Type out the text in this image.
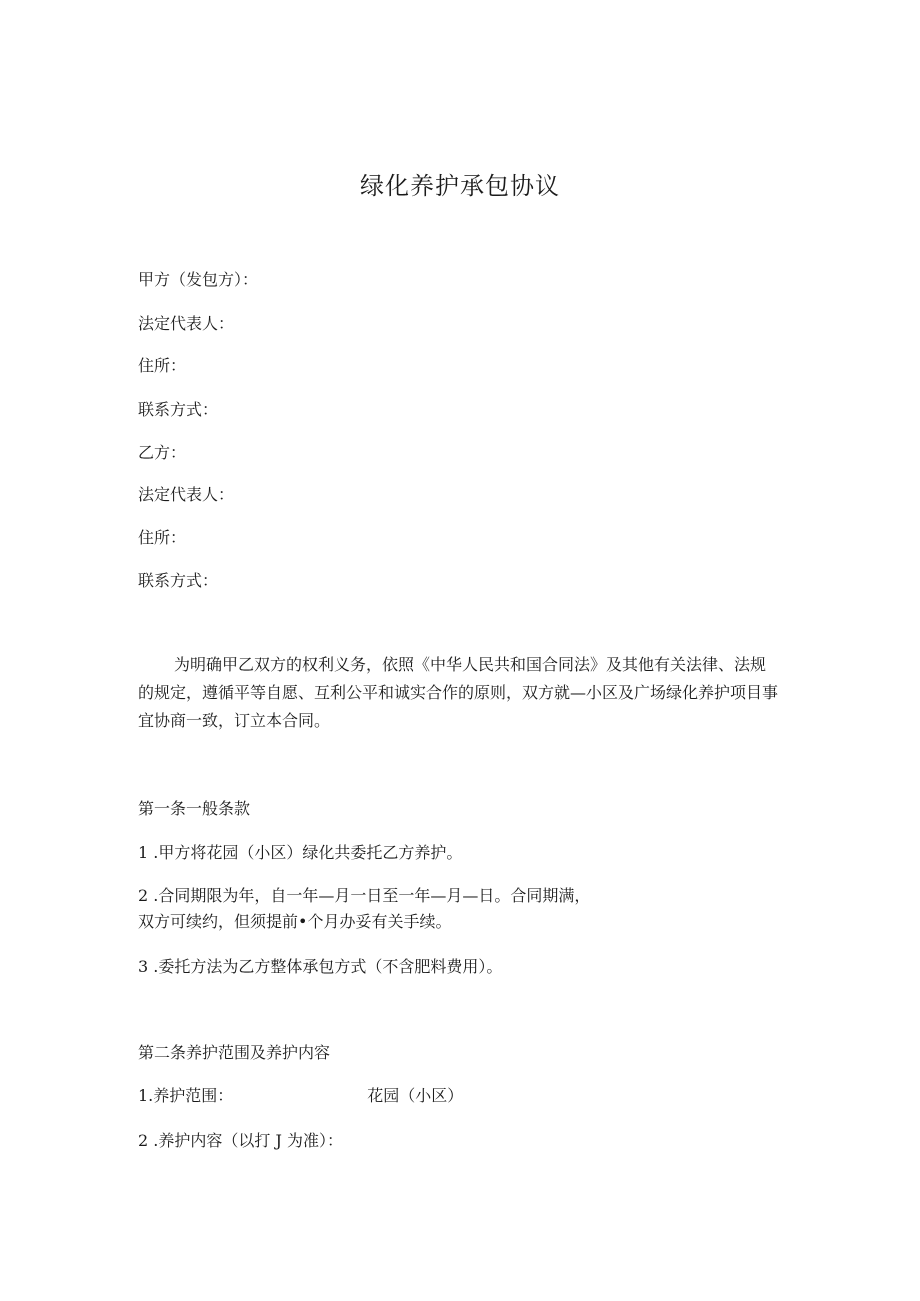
绿化养护承包协议
甲方（发包方）：
法定代表人：
住所：
联系方式：
乙方：
法定代表人：
住所：
联系方式：
为明确甲乙双方的权利义务，依照《中华人民共和国合同法》及其他有关法律、法规的规定，遵循平等自愿、互利公平和诚实合作的原则，双方就—小区及广场绿化养护项目事宜协商一致，订立本合同。
第一条一般条款
1 .甲方将花园（小区）绿化共委托乙方养护。
2 .合同期限为年，自一年—月一日至一年—月—日。合同期满，
双方可续约，但须提前•个月办妥有关手续。
3 .委托方法为乙方整体承包方式（不含肥料费用）。
第二条养护范围及养护内容
1.养护范围：	花园（小区）
2 .养护内容（以打 J 为准）：
